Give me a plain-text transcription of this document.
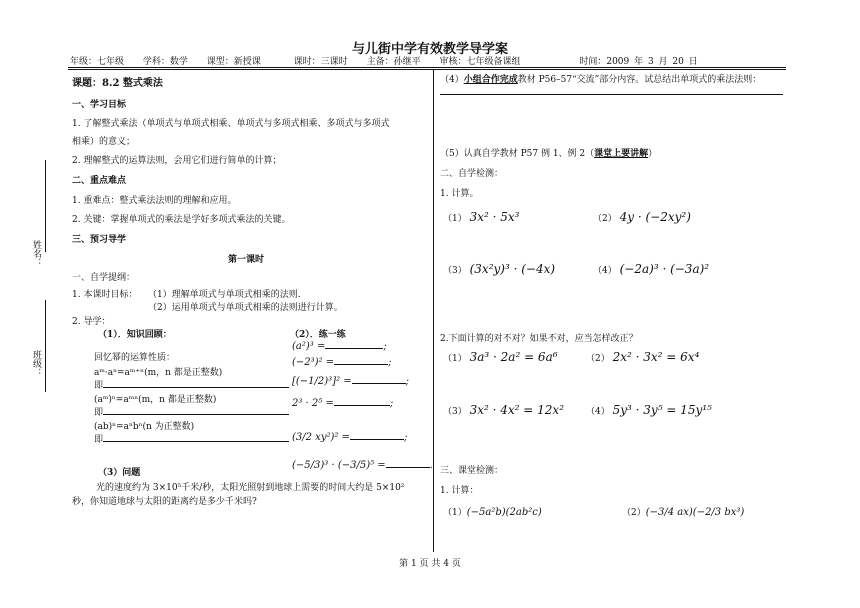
与儿街中学有效教学导学案
年级：七年级 学科：数学 课型：新授课	课时：三课时 主备：孙继平 审核：七年级备课组	时间：2009 年 3 月 20 日
姓名：
班级：
课题：8.2 整式乘法
一、学习目标
1. 了解整式乘法（单项式与单项式相乘、单项式与多项式相乘、多项式与多项式
相乘）的意义；
2. 理解整式的运算法则，会用它们进行简单的计算；
二、重点难点
1. 重难点：整式乘法法则的理解和应用。
2. 关键：掌握单项式的乘法是学好多项式乘法的关键。
三、预习导学
第一课时
一、自学提纲：
1. 本课时目标： （1）理解单项式与单项式相乘的法则.
（2）运用单项式与单项式相乘的法则进行计算。
2. 导学：
（1）．知识回顾：	（2）．练一练
回忆幂的运算性质：
aᵐ·aⁿ=aᵐ⁺ⁿ(m，n 都是正整数)
即
(aᵐ)ⁿ=aᵐⁿ(m，n 都是正整数)
即
(ab)ⁿ=aⁿbⁿ(n 为正整数)
即
(a²)³ =	;
(−2³)² =	;
[(−1/2)³]² =	;
2³ · 2⁵ =	;
(3/2 xy²)² =	;
(−5/3)³ · (−3/5)⁵ =	.
（3）问题
光的速度约为 3×10⁵千米/秒，太阳光照射到地球上需要的时间大约是 5×10²
秒，你知道地球与太阳的距离约是多少千米吗?
（4）小组合作完成教材 P56–57“交流”部分内容。试总结出单项式的乘法法则：
（5）认真自学教材 P57 例 1、例 2（课堂上要讲解）
二、自学检测：
1. 计算。
（1） 3x² · 5x³	（2） 4y · (−2xy²)
（3） (3x²y)³ · (−4x)	（4） (−2a)³ · (−3a)²
2.下面计算的对不对？如果不对，应当怎样改正？
（1） 3a³ · 2a² = 6a⁶	（2） 2x² · 3x² = 6x⁴
（3） 3x² · 4x² = 12x² （4） 5y³ · 3y⁵ = 15y¹⁵
三、课堂检测：
1. 计算：
（1）(−5a²b)(2ab²c)	（2）(−3/4 ax)(−2/3 bx³)
第 1 页 共 4 页
